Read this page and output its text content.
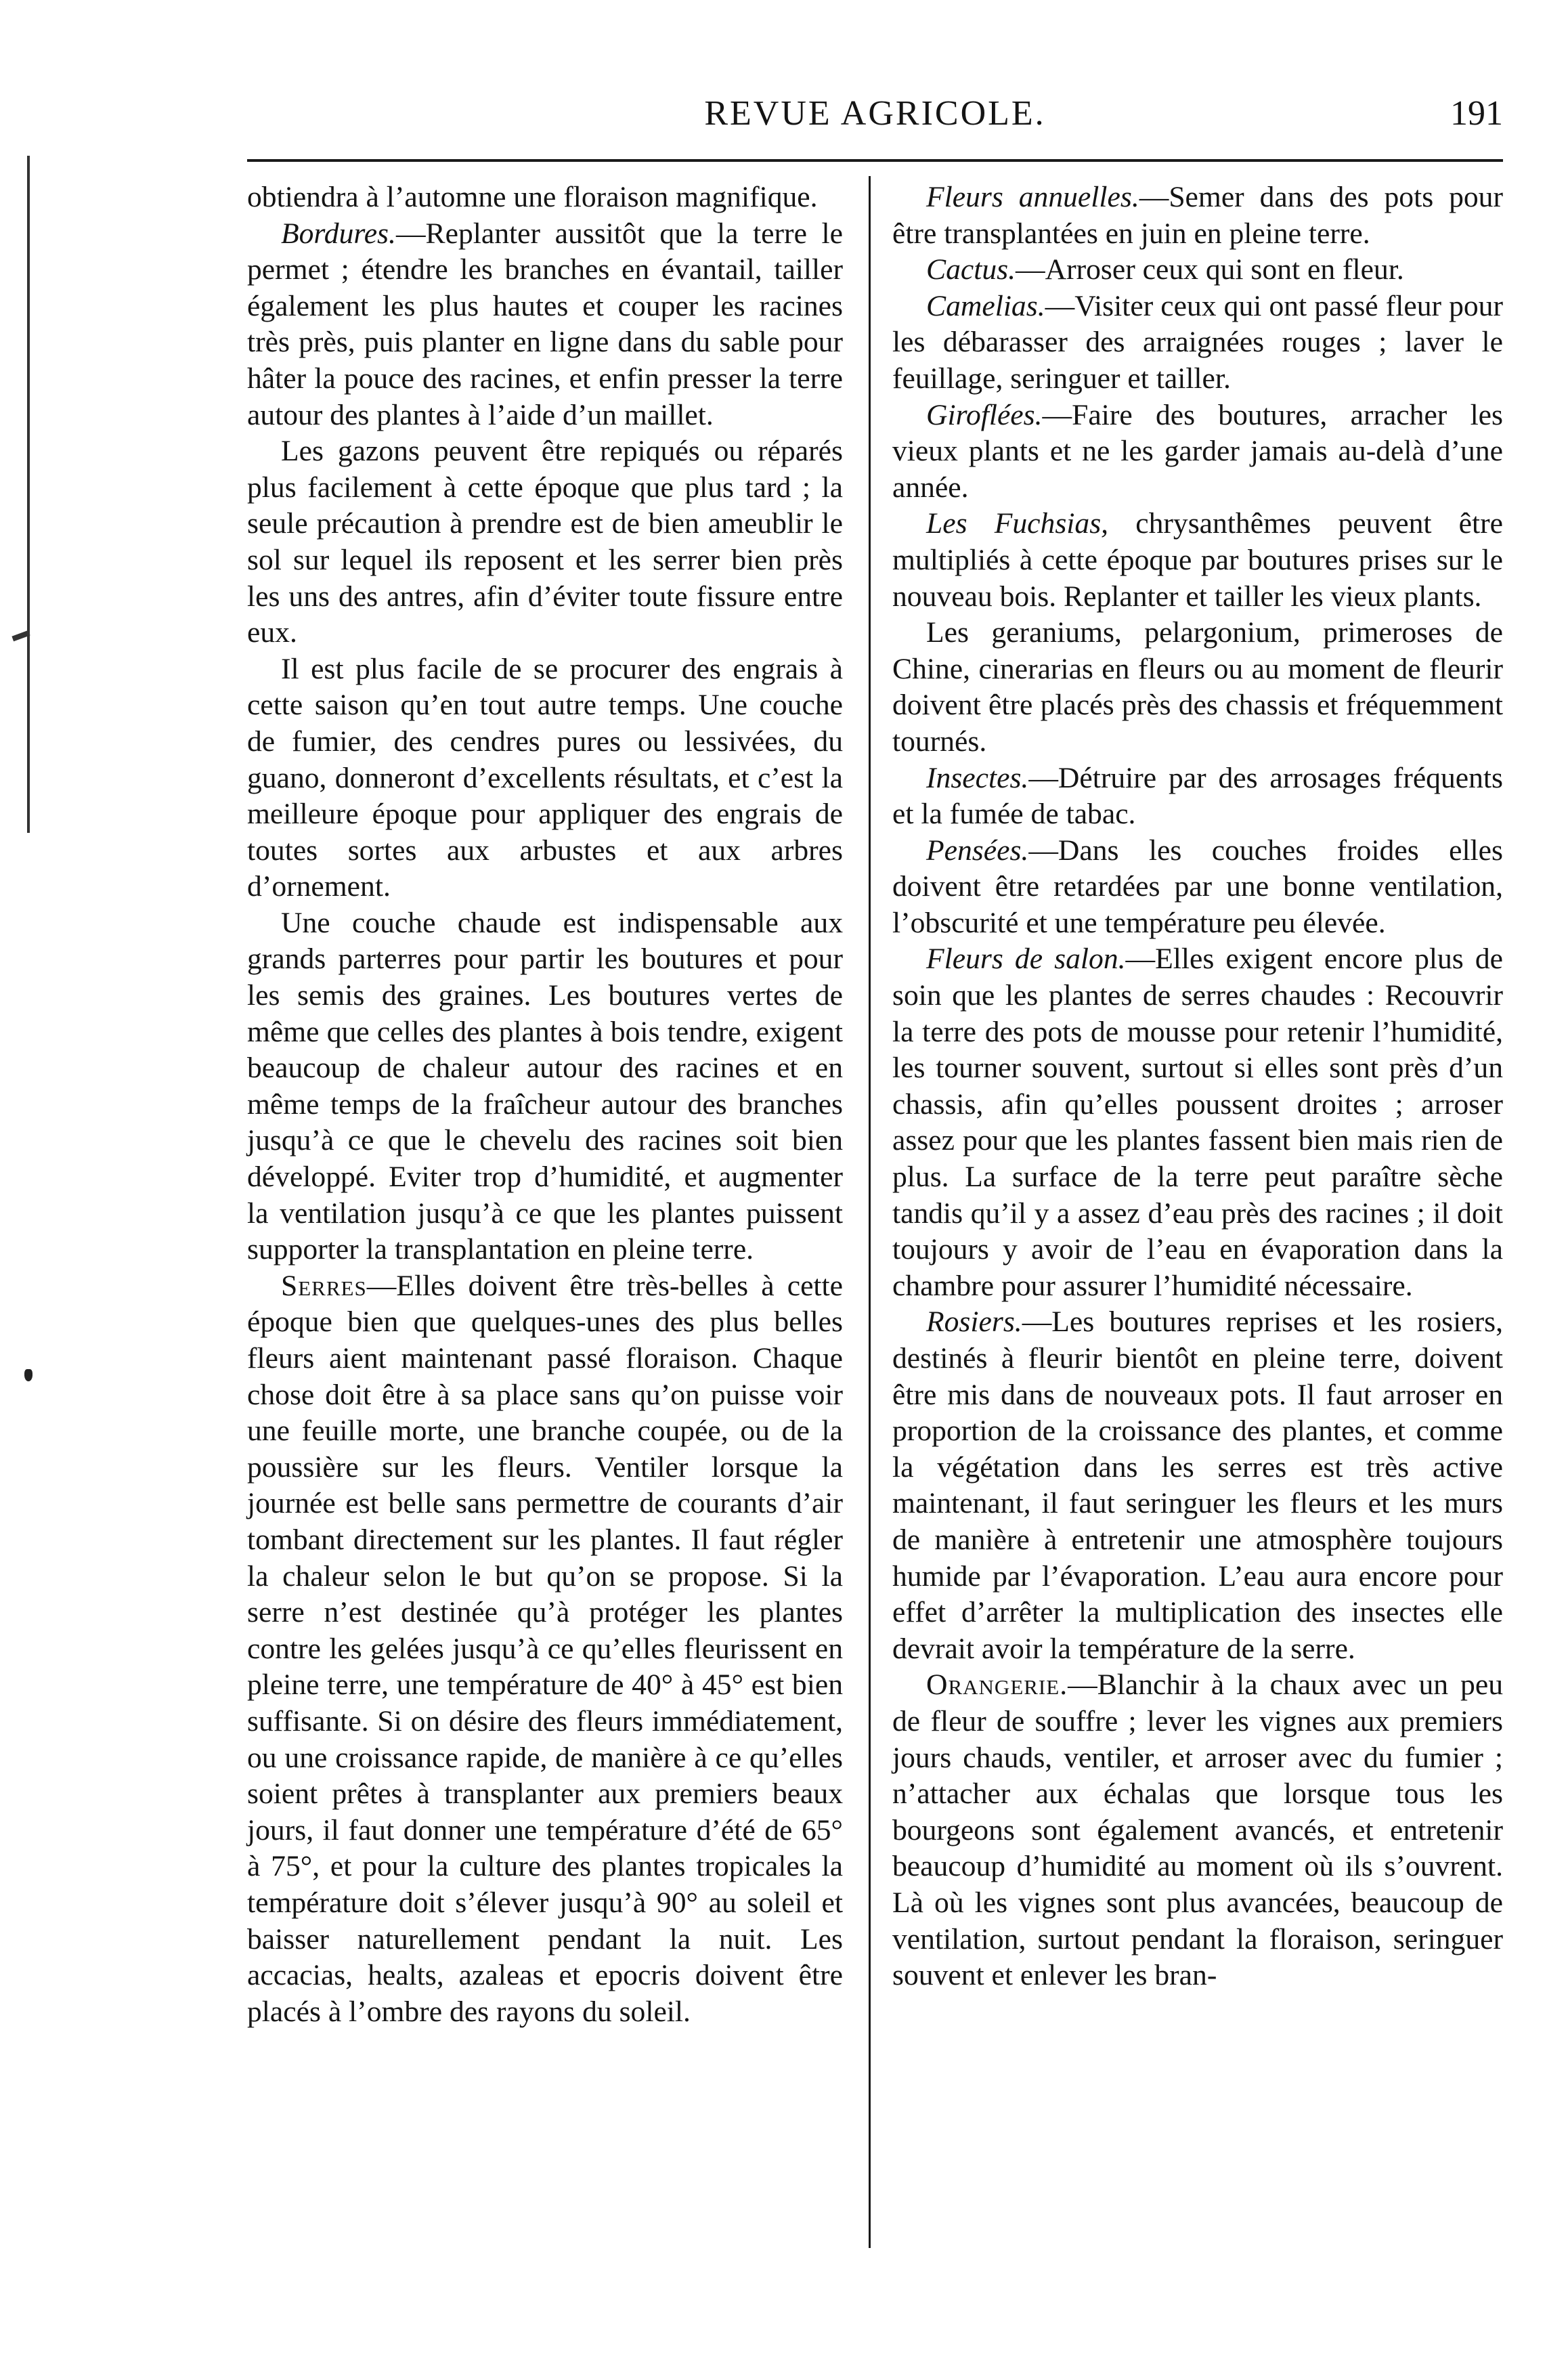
REVUE AGRICOLE.	191

obtiendra à l’automne une floraison magnifique.

Bordures.—Replanter aussitôt que la terre le permet ; étendre les branches en évantail, tailler également les plus hautes et couper les racines très près, puis planter en ligne dans du sable pour hâter la pouce des racines, et enfin presser la terre autour des plantes à l’aide d’un maillet.

Les gazons peuvent être repiqués ou réparés plus facilement à cette époque que plus tard ; la seule précaution à prendre est de bien ameublir le sol sur lequel ils reposent et les serrer bien près les uns des antres, afin d’éviter toute fissure entre eux.

Il est plus facile de se procurer des engrais à cette saison qu’en tout autre temps. Une couche de fumier, des cendres pures ou lessivées, du guano, donneront d’excellents résultats, et c’est la meilleure époque pour appliquer des engrais de toutes sortes aux arbustes et aux arbres d’ornement.

Une couche chaude est indispensable aux grands parterres pour partir les boutures et pour les semis des graines. Les boutures vertes de même que celles des plantes à bois tendre, exigent beaucoup de chaleur autour des racines et en même temps de la fraîcheur autour des branches jusqu’à ce que le chevelu des racines soit bien développé. Eviter trop d’humidité, et augmenter la ventilation jusqu’à ce que les plantes puissent supporter la transplantation en pleine terre.

Serres—Elles doivent être très-belles à cette époque bien que quelques-unes des plus belles fleurs aient maintenant passé floraison. Chaque chose doit être à sa place sans qu’on puisse voir une feuille morte, une branche coupée, ou de la poussière sur les fleurs. Ventiler lorsque la journée est belle sans permettre de courants d’air tombant directement sur les plantes. Il faut régler la chaleur selon le but qu’on se propose. Si la serre n’est destinée qu’à protéger les plantes contre les gelées jusqu’à ce qu’elles fleurissent en pleine terre, une température de 40° à 45° est bien suffisante. Si on désire des fleurs immédiatement, ou une croissance rapide, de manière à ce qu’elles soient prêtes à transplanter aux premiers beaux jours, il faut donner une température d’été de 65° à 75°, et pour la culture des plantes tropicales la température doit s’élever jusqu’à 90° au soleil et baisser naturellement pendant la nuit. Les accacias, healts, azaleas et epocris doivent être placés à l’ombre des rayons du soleil.

Fleurs annuelles.—Semer dans des pots pour être transplantées en juin en pleine terre.

Cactus.—Arroser ceux qui sont en fleur.

Camelias.—Visiter ceux qui ont passé fleur pour les débarasser des arraignées rouges ; laver le feuillage, seringuer et tailler.

Giroflées.—Faire des boutures, arracher les vieux plants et ne les garder jamais au-delà d’une année.

Les Fuchsias, chrysanthêmes peuvent être multipliés à cette époque par boutures prises sur le nouveau bois. Replanter et tailler les vieux plants.

Les geraniums, pelargonium, primeroses de Chine, cinerarias en fleurs ou au moment de fleurir doivent être placés près des chassis et fréquemment tournés.

Insectes.—Détruire par des arrosages fréquents et la fumée de tabac.

Pensées.—Dans les couches froides elles doivent être retardées par une bonne ventilation, l’obscurité et une température peu élevée.

Fleurs de salon.—Elles exigent encore plus de soin que les plantes de serres chaudes : Recouvrir la terre des pots de mousse pour retenir l’humidité, les tourner souvent, surtout si elles sont près d’un chassis, afin qu’elles poussent droites ; arroser assez pour que les plantes fassent bien mais rien de plus. La surface de la terre peut paraître sèche tandis qu’il y a assez d’eau près des racines ; il doit toujours y avoir de l’eau en évaporation dans la chambre pour assurer l’humidité nécessaire.

Rosiers.—Les boutures reprises et les rosiers, destinés à fleurir bientôt en pleine terre, doivent être mis dans de nouveaux pots. Il faut arroser en proportion de la croissance des plantes, et comme la végétation dans les serres est très active maintenant, il faut seringuer les fleurs et les murs de manière à entretenir une atmosphère toujours humide par l’évaporation. L’eau aura encore pour effet d’arrêter la multiplication des insectes elle devrait avoir la température de la serre.

Orangerie.—Blanchir à la chaux avec un peu de fleur de souffre ; lever les vignes aux premiers jours chauds, ventiler, et arroser avec du fumier ; n’attacher aux échalas que lorsque tous les bourgeons sont également avancés, et entretenir beaucoup d’humidité au moment où ils s’ouvrent. Là où les vignes sont plus avancées, beaucoup de ventilation, surtout pendant la floraison, seringuer souvent et enlever les bran-
